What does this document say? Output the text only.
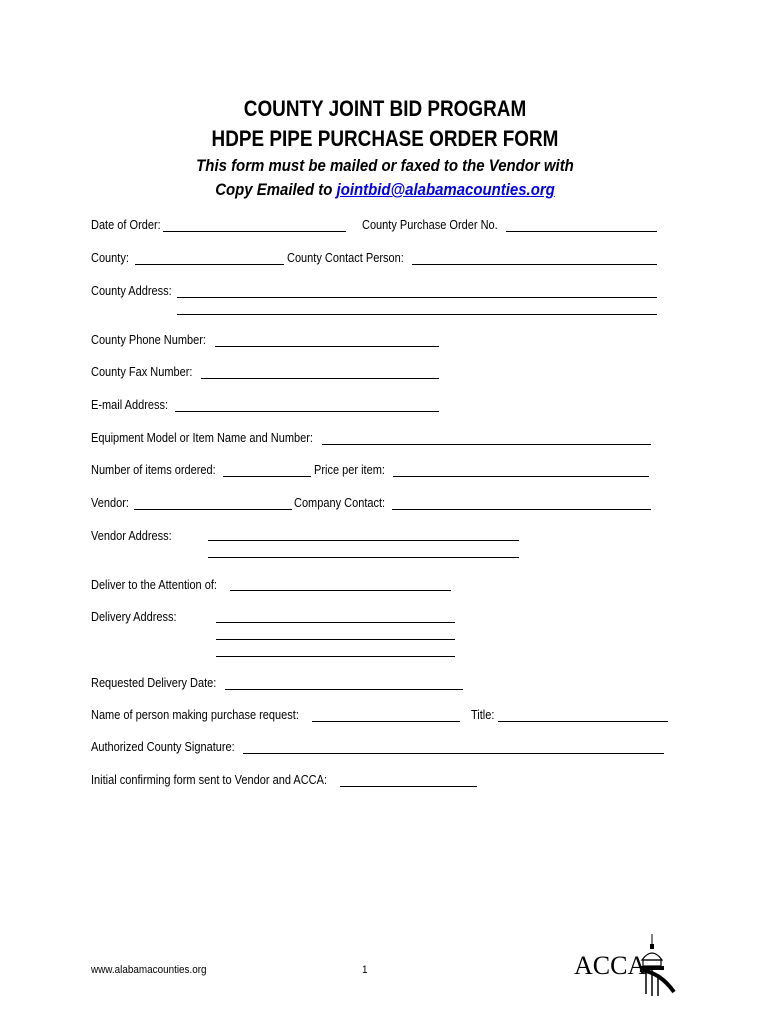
COUNTY JOINT BID PROGRAM
HDPE PIPE PURCHASE ORDER FORM
This form must be mailed or faxed to the Vendor with
Copy Emailed to jointbid@alabamacounties.org
Date of Order:	County Purchase Order No.
County:	County Contact Person:
County Address:
County Phone Number:
County Fax Number:
E-mail Address:
Equipment Model or Item Name and Number:
Number of items ordered:	Price per item:
Vendor:	Company Contact:
Vendor Address:
Deliver to the Attention of:
Delivery Address:
Requested Delivery Date:
Name of person making purchase request:	Title:
Authorized County Signature:
Initial confirming form sent to Vendor and ACCA:
www.alabamacounties.org	1	ACCA
